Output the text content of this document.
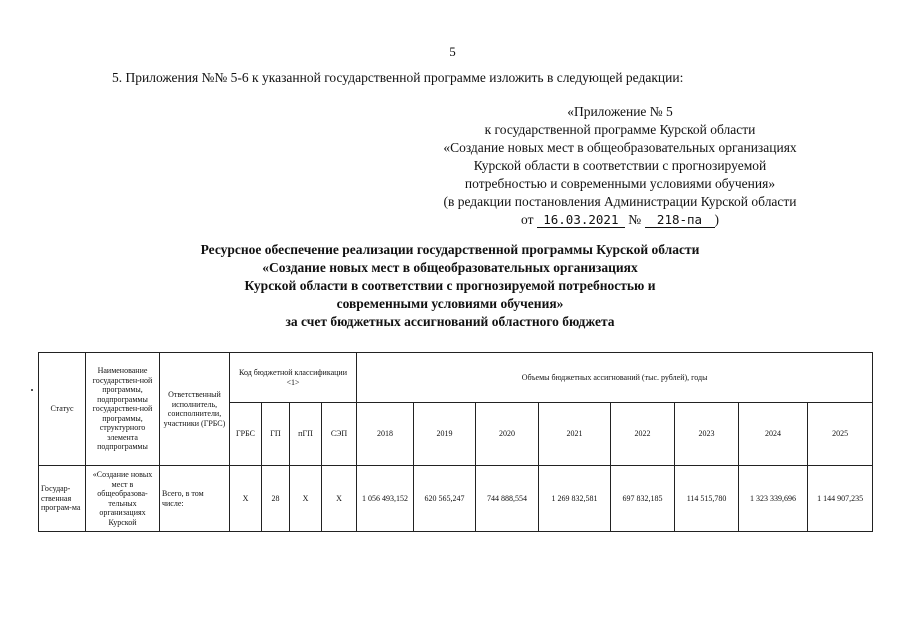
5
5. Приложения №№ 5-6 к указанной государственной программе изложить в следующей редакции:
«Приложение № 5
к государственной программе Курской области
«Создание новых мест в общеобразовательных организациях
Курской области в соответствии с прогнозируемой
потребностью и современными условиями обучения»
(в редакции постановления Администрации Курской области
от 16.03.2021 № 218-па )
Ресурсное обеспечение реализации государственной программы Курской области
«Создание новых мест в общеобразовательных организациях
Курской области в соответствии с прогнозируемой потребностью и
современными условиями обучения»
за счет бюджетных ассигнований областного бюджета
Статус	Наименование государствен-ной программы, подпрограммы государствен-ной программы, структурного элемента подпрограммы	Ответственный исполнитель, соисполнители, участники (ГРБС)	Код бюджетной классификации <1>				Объемы бюджетных ассигнований (тыс. рублей), годы							
			ГРБС	ГП	пГП	СЭП	2018	2019	2020	2021	2022	2023	2024	2025
Государ-ственная програм-ма	«Создание новых мест в общеобразова-тельных организациях Курской	Всего, в том числе:	Х	28	Х	Х	1 056 493,152	620 565,247	744 888,554	1 269 832,581	697 832,185	114 515,780	1 323 339,696	1 144 907,235
